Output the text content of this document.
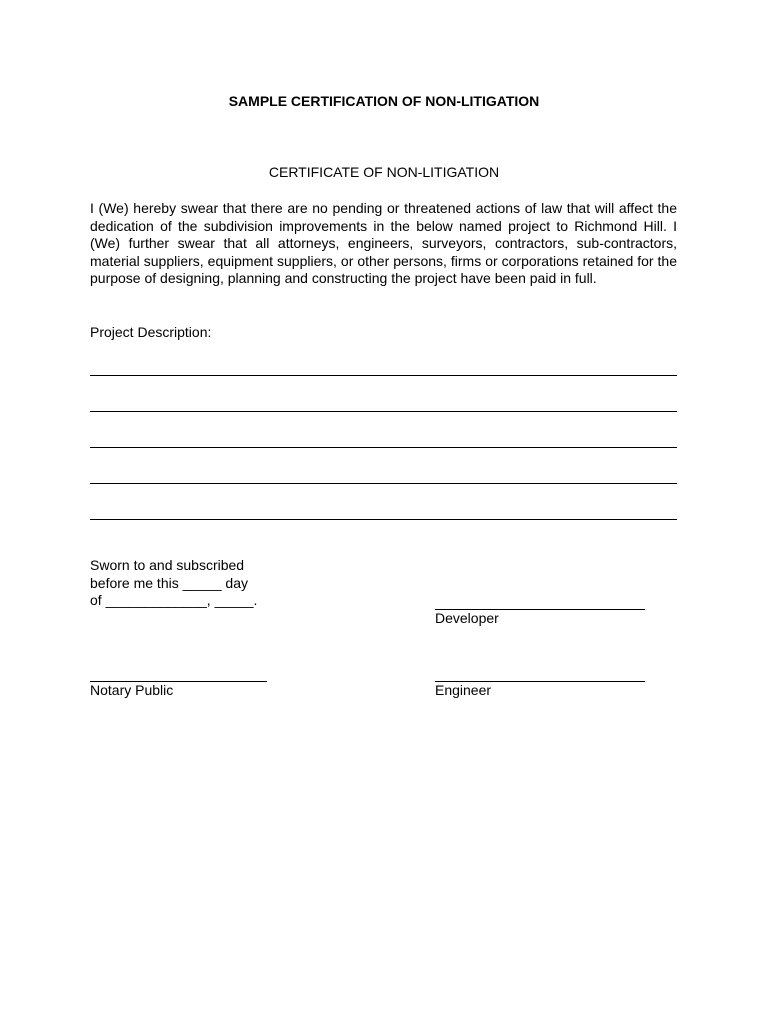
SAMPLE CERTIFICATION OF NON-LITIGATION

CERTIFICATE OF NON-LITIGATION

I (We) hereby swear that there are no pending or threatened actions of law that will affect the dedication of the subdivision improvements in the below named project to Richmond Hill. I (We) further swear that all attorneys, engineers, surveyors, contractors, sub-contractors, material suppliers, equipment suppliers, or other persons, firms or corporations retained for the purpose of designing, planning and constructing the project have been paid in full.

Project Description:

Sworn to and subscribed
before me this _____ day
of _____________, _____.

Developer

Notary Public	Engineer
